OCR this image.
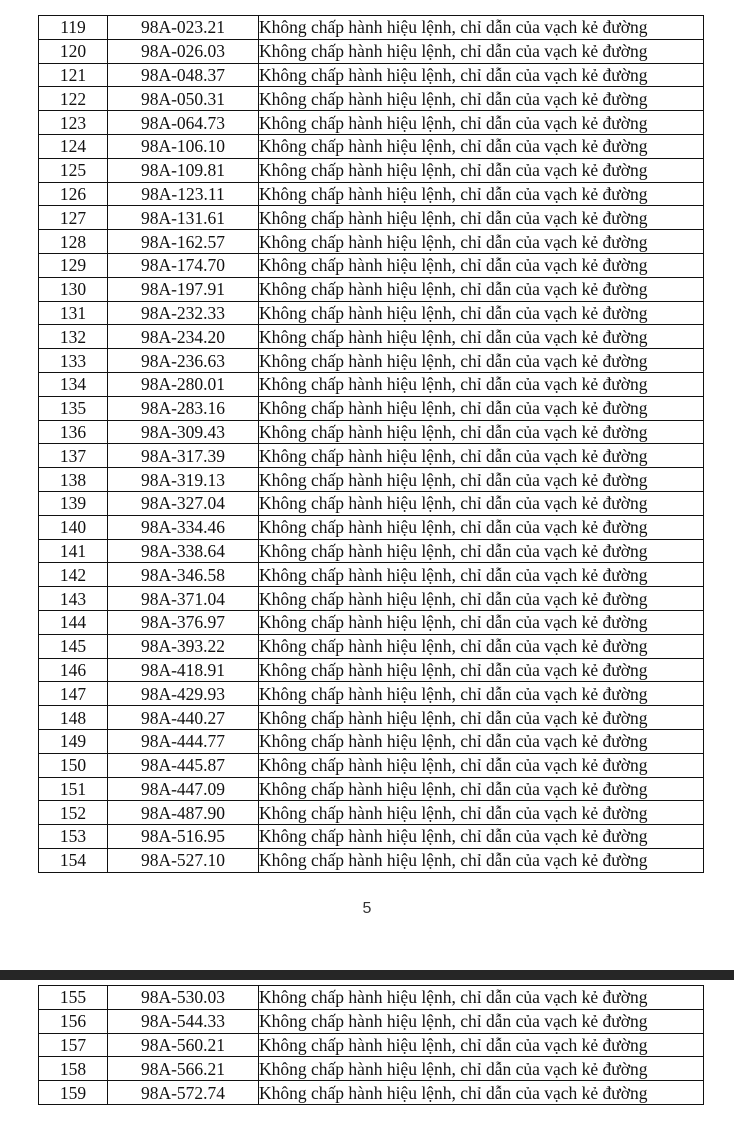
119	98A-023.21	Không chấp hành hiệu lệnh, chỉ dẫn của vạch kẻ đường
120	98A-026.03	Không chấp hành hiệu lệnh, chỉ dẫn của vạch kẻ đường
121	98A-048.37	Không chấp hành hiệu lệnh, chỉ dẫn của vạch kẻ đường
122	98A-050.31	Không chấp hành hiệu lệnh, chỉ dẫn của vạch kẻ đường
123	98A-064.73	Không chấp hành hiệu lệnh, chỉ dẫn của vạch kẻ đường
124	98A-106.10	Không chấp hành hiệu lệnh, chỉ dẫn của vạch kẻ đường
125	98A-109.81	Không chấp hành hiệu lệnh, chỉ dẫn của vạch kẻ đường
126	98A-123.11	Không chấp hành hiệu lệnh, chỉ dẫn của vạch kẻ đường
127	98A-131.61	Không chấp hành hiệu lệnh, chỉ dẫn của vạch kẻ đường
128	98A-162.57	Không chấp hành hiệu lệnh, chỉ dẫn của vạch kẻ đường
129	98A-174.70	Không chấp hành hiệu lệnh, chỉ dẫn của vạch kẻ đường
130	98A-197.91	Không chấp hành hiệu lệnh, chỉ dẫn của vạch kẻ đường
131	98A-232.33	Không chấp hành hiệu lệnh, chỉ dẫn của vạch kẻ đường
132	98A-234.20	Không chấp hành hiệu lệnh, chỉ dẫn của vạch kẻ đường
133	98A-236.63	Không chấp hành hiệu lệnh, chỉ dẫn của vạch kẻ đường
134	98A-280.01	Không chấp hành hiệu lệnh, chỉ dẫn của vạch kẻ đường
135	98A-283.16	Không chấp hành hiệu lệnh, chỉ dẫn của vạch kẻ đường
136	98A-309.43	Không chấp hành hiệu lệnh, chỉ dẫn của vạch kẻ đường
137	98A-317.39	Không chấp hành hiệu lệnh, chỉ dẫn của vạch kẻ đường
138	98A-319.13	Không chấp hành hiệu lệnh, chỉ dẫn của vạch kẻ đường
139	98A-327.04	Không chấp hành hiệu lệnh, chỉ dẫn của vạch kẻ đường
140	98A-334.46	Không chấp hành hiệu lệnh, chỉ dẫn của vạch kẻ đường
141	98A-338.64	Không chấp hành hiệu lệnh, chỉ dẫn của vạch kẻ đường
142	98A-346.58	Không chấp hành hiệu lệnh, chỉ dẫn của vạch kẻ đường
143	98A-371.04	Không chấp hành hiệu lệnh, chỉ dẫn của vạch kẻ đường
144	98A-376.97	Không chấp hành hiệu lệnh, chỉ dẫn của vạch kẻ đường
145	98A-393.22	Không chấp hành hiệu lệnh, chỉ dẫn của vạch kẻ đường
146	98A-418.91	Không chấp hành hiệu lệnh, chỉ dẫn của vạch kẻ đường
147	98A-429.93	Không chấp hành hiệu lệnh, chỉ dẫn của vạch kẻ đường
148	98A-440.27	Không chấp hành hiệu lệnh, chỉ dẫn của vạch kẻ đường
149	98A-444.77	Không chấp hành hiệu lệnh, chỉ dẫn của vạch kẻ đường
150	98A-445.87	Không chấp hành hiệu lệnh, chỉ dẫn của vạch kẻ đường
151	98A-447.09	Không chấp hành hiệu lệnh, chỉ dẫn của vạch kẻ đường
152	98A-487.90	Không chấp hành hiệu lệnh, chỉ dẫn của vạch kẻ đường
153	98A-516.95	Không chấp hành hiệu lệnh, chỉ dẫn của vạch kẻ đường
154	98A-527.10	Không chấp hành hiệu lệnh, chỉ dẫn của vạch kẻ đường
5
155	98A-530.03	Không chấp hành hiệu lệnh, chỉ dẫn của vạch kẻ đường
156	98A-544.33	Không chấp hành hiệu lệnh, chỉ dẫn của vạch kẻ đường
157	98A-560.21	Không chấp hành hiệu lệnh, chỉ dẫn của vạch kẻ đường
158	98A-566.21	Không chấp hành hiệu lệnh, chỉ dẫn của vạch kẻ đường
159	98A-572.74	Không chấp hành hiệu lệnh, chỉ dẫn của vạch kẻ đường
